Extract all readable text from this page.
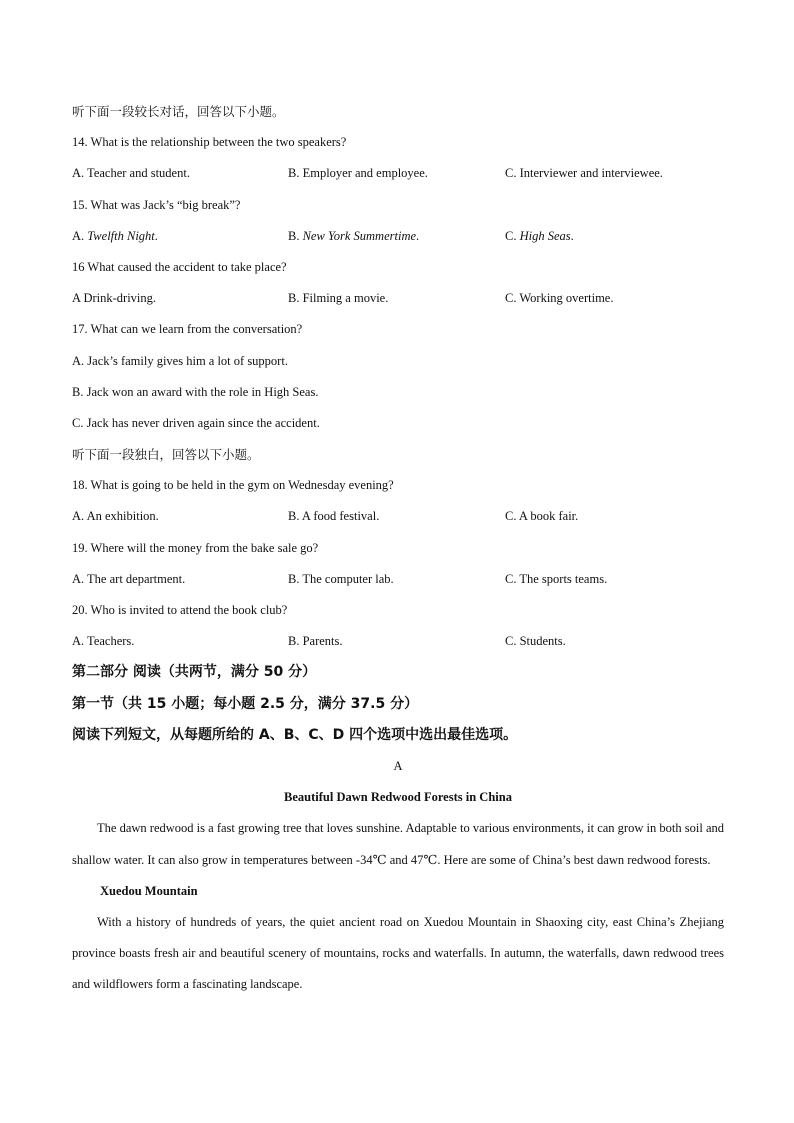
听下面一段较长对话，回答以下小题。
14. What is the relationship between the two speakers?
A. Teacher and student.	B. Employer and employee.	C. Interviewer and interviewee.
15. What was Jack’s “big break”?
A. Twelfth Night.	B. New York Summertime.	C. High Seas.
16 What caused the accident to take place?
A Drink-driving.	B. Filming a movie.	C. Working overtime.
17. What can we learn from the conversation?
A. Jack’s family gives him a lot of support.
B. Jack won an award with the role in High Seas.
C. Jack has never driven again since the accident.
听下面一段独白，回答以下小题。
18. What is going to be held in the gym on Wednesday evening?
A. An exhibition.	B. A food festival.	C. A book fair.
19. Where will the money from the bake sale go?
A. The art department.	B. The computer lab.	C. The sports teams.
20. Who is invited to attend the book club?
A. Teachers.	B. Parents.	C. Students.
第二部分 阅读（共两节，满分 50 分）
第一节（共 15 小题；每小题 2.5 分，满分 37.5 分）
阅读下列短文，从每题所给的 A、B、C、D 四个选项中选出最佳选项。
A
Beautiful Dawn Redwood Forests in China
The dawn redwood is a fast growing tree that loves sunshine. Adaptable to various environments, it can grow in both soil and shallow water. It can also grow in temperatures between -34℃ and 47℃. Here are some of China’s best dawn redwood forests.
Xuedou Mountain
With a history of hundreds of years, the quiet ancient road on Xuedou Mountain in Shaoxing city, east China’s Zhejiang province boasts fresh air and beautiful scenery of mountains, rocks and waterfalls. In autumn, the waterfalls, dawn redwood trees and wildflowers form a fascinating landscape.
